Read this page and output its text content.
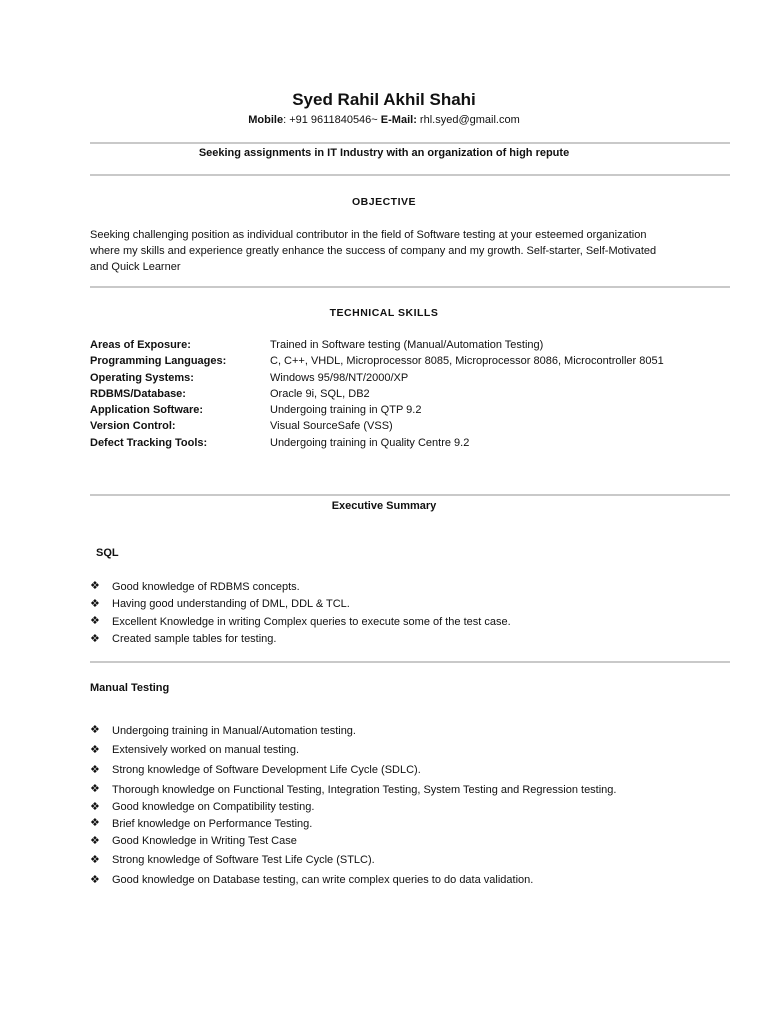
Syed Rahil Akhil Shahi
Mobile: +91 9611840546~ E-Mail: rhl.syed@gmail.com
Seeking assignments in IT Industry with an organization of high repute
OBJECTIVE
Seeking challenging position as individual contributor in the field of Software testing at your esteemed organization
where my skills and experience greatly enhance the success of company and my growth. Self-starter, Self-Motivated
and Quick Learner
TECHNICAL SKILLS
Areas of Exposure:	Trained in Software testing (Manual/Automation Testing)
Programming Languages:	C, C++, VHDL, Microprocessor 8085, Microprocessor 8086, Microcontroller 8051
Operating Systems:	Windows 95/98/NT/2000/XP
RDBMS/Database:	Oracle 9i, SQL, DB2
Application Software:	Undergoing training in QTP 9.2
Version Control:	Visual SourceSafe (VSS)
Defect Tracking Tools:	Undergoing training in Quality Centre 9.2
Executive Summary
SQL
❖	Good knowledge of RDBMS concepts.
❖	Having good understanding of DML, DDL & TCL.
❖	Excellent Knowledge in writing Complex queries to execute some of the test case.
❖	Created sample tables for testing.
Manual Testing
❖	Undergoing training in Manual/Automation testing.
❖	Extensively worked on manual testing.
❖	Strong knowledge of Software Development Life Cycle (SDLC).
❖	Thorough knowledge on Functional Testing, Integration Testing, System Testing and Regression testing.
❖	Good knowledge on Compatibility testing.
❖	Brief knowledge on Performance Testing.
❖	Good Knowledge in Writing Test Case
❖	Strong knowledge of Software Test Life Cycle (STLC).
❖	Good knowledge on Database testing, can write complex queries to do data validation.
